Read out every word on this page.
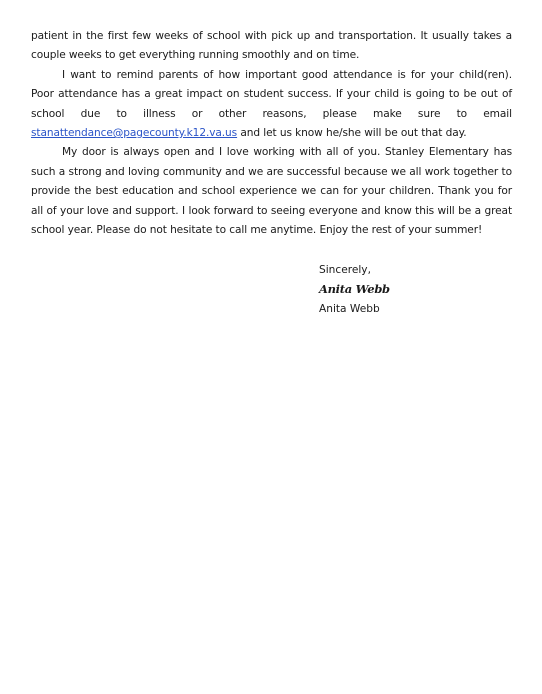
patient in the first few weeks of school with pick up and transportation. It usually takes a couple weeks to get everything running smoothly and on time.

I want to remind parents of how important good attendance is for your child(ren). Poor attendance has a great impact on student success. If your child is going to be out of school due to illness or other reasons, please make sure to email stanattendance@pagecounty.k12.va.us and let us know he/she will be out that day.

My door is always open and I love working with all of you. Stanley Elementary has such a strong and loving community and we are successful because we all work together to provide the best education and school experience we can for your children. Thank you for all of your love and support. I look forward to seeing everyone and know this will be a great school year. Please do not hesitate to call me anytime. Enjoy the rest of your summer!

Sincerely,
Anita Webb
Anita Webb
